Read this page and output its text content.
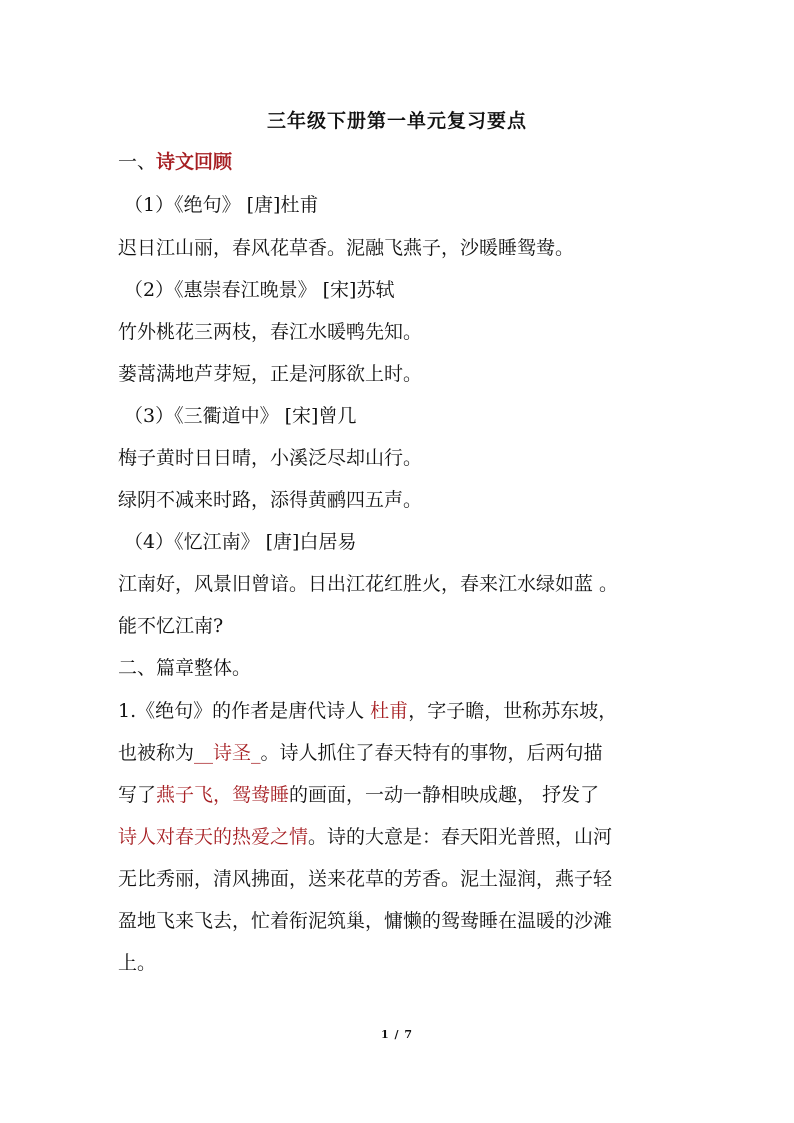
三年级下册第一单元复习要点
一、诗文回顾
（1）《绝句》 [唐]杜甫
迟日江山丽，春风花草香。泥融飞燕子，沙暖睡鸳鸯。
（2）《惠崇春江晚景》 [宋]苏轼
竹外桃花三两枝，春江水暖鸭先知。
蒌蒿满地芦芽短，正是河豚欲上时。
（3）《三衢道中》 [宋]曾几
梅子黄时日日晴，小溪泛尽却山行。
绿阴不减来时路，添得黄鹂四五声。
（4）《忆江南》 [唐]白居易
江南好，风景旧曾谙。日出江花红胜火，春来江水绿如蓝 。
能不忆江南?
二、篇章整体。
1.《绝句》的作者是唐代诗人 杜甫，字子瞻，世称苏东坡，
也被称为__诗圣_。诗人抓住了春天特有的事物，后两句描
写了燕子飞，鸳鸯睡的画面，一动一静相映成趣， 抒发了
诗人对春天的热爱之情。诗的大意是：春天阳光普照，山河
无比秀丽，清风拂面，送来花草的芳香。泥土湿润，燕子轻
盈地飞来飞去，忙着衔泥筑巢，慵懒的鸳鸯睡在温暖的沙滩
上。
1 / 7
